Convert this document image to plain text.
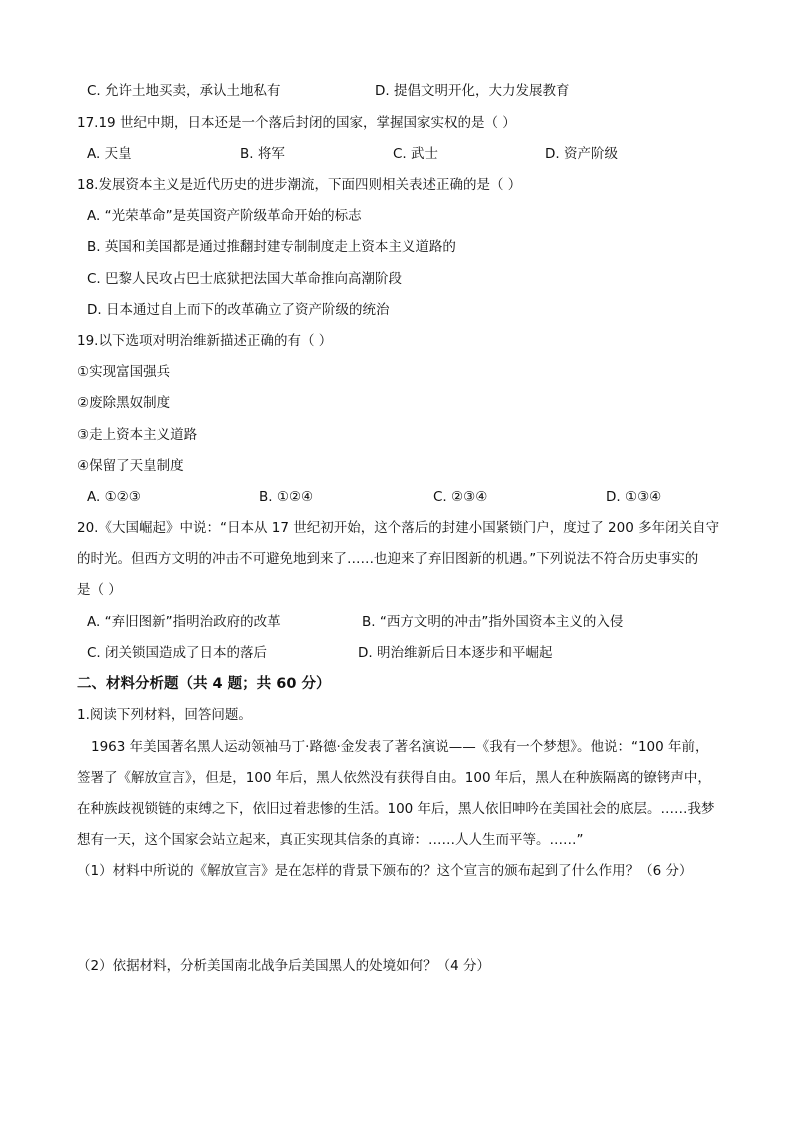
C. 允许土地买卖，承认土地私有	D. 提倡文明开化，大力发展教育
17.19 世纪中期，日本还是一个落后封闭的国家，掌握国家实权的是（ ）
A. 天皇	B. 将军	C. 武士	D. 资产阶级
18.发展资本主义是近代历史的进步潮流，下面四则相关表述正确的是（ ）
A. “光荣革命”是英国资产阶级革命开始的标志
B. 英国和美国都是通过推翻封建专制制度走上资本主义道路的
C. 巴黎人民攻占巴士底狱把法国大革命推向高潮阶段
D. 日本通过自上而下的改革确立了资产阶级的统治
19.以下选项对明治维新描述正确的有（ ）
①实现富国强兵
②废除黑奴制度
③走上资本主义道路
④保留了天皇制度
A. ①②③	B. ①②④	C. ②③④	D. ①③④
20.《大国崛起》中说：“日本从 17 世纪初开始，这个落后的封建小国紧锁门户，度过了 200 多年闭关自守
的时光。但西方文明的冲击不可避免地到来了……也迎来了弃旧图新的机遇。”下列说法不符合历史事实的
是（ ）
A. “弃旧图新”指明治政府的改革	B. “西方文明的冲击”指外国资本主义的入侵
C. 闭关锁国造成了日本的落后	D. 明治维新后日本逐步和平崛起
二、材料分析题（共 4 题；共 60 分）
1.阅读下列材料，回答问题。
1963 年美国著名黑人运动领袖马丁·路德·金发表了著名演说——《我有一个梦想》。他说：“100 年前，
签署了《解放宣言》，但是，100 年后，黑人依然没有获得自由。100 年后，黑人在种族隔离的镣铐声中，
在种族歧视锁链的束缚之下，依旧过着悲惨的生活。100 年后，黑人依旧呻吟在美国社会的底层。……我梦
想有一天，这个国家会站立起来，真正实现其信条的真谛：……人人生而平等。……”
（1）材料中所说的《解放宣言》是在怎样的背景下颁布的？这个宣言的颁布起到了什么作用？（6 分）
（2）依据材料，分析美国南北战争后美国黑人的处境如何？（4 分）
